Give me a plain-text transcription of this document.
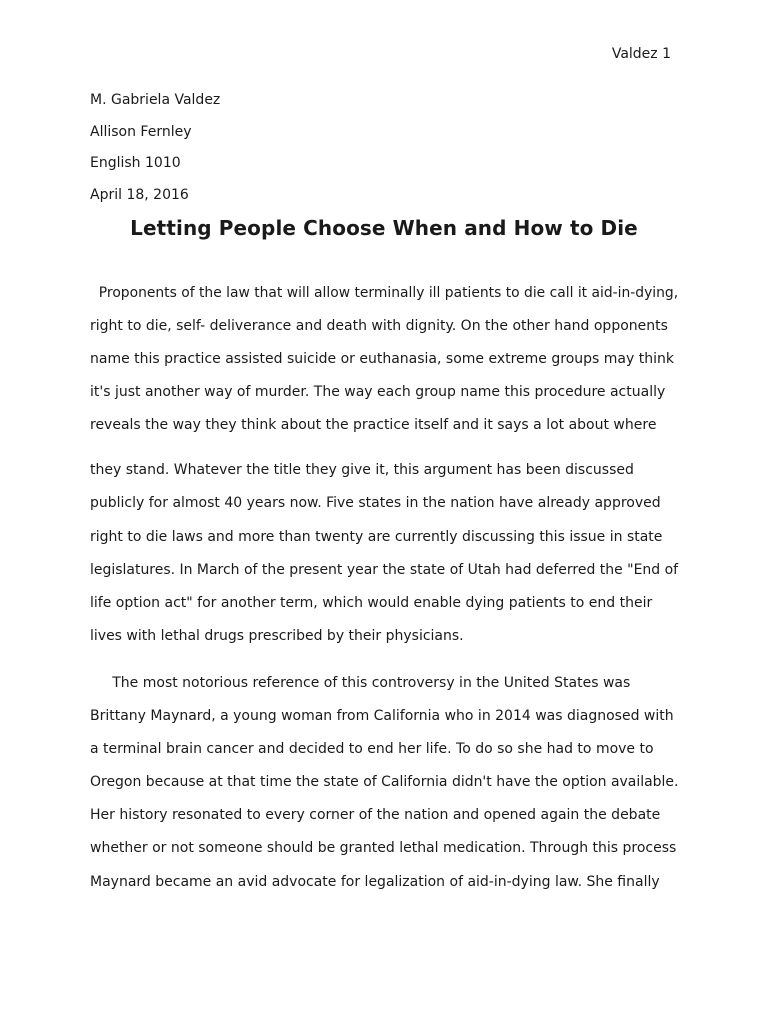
Valdez 1
M. Gabriela Valdez
Allison Fernley
English 1010
April 18, 2016
Letting People Choose When and How to Die
Proponents of the law that will allow terminally ill patients to die call it aid-in-dying,
right to die, self- deliverance and death with dignity. On the other hand opponents
name this practice assisted suicide or euthanasia, some extreme groups may think
it's just another way of murder. The way each group name this procedure actually
reveals the way they think about the practice itself and it says a lot about where
they stand. Whatever the title they give it, this argument has been discussed
publicly for almost 40 years now. Five states in the nation have already approved
right to die laws and more than twenty are currently discussing this issue in state
legislatures. In March of the present year the state of Utah had deferred the "End of
life option act" for another term, which would enable dying patients to end their
lives with lethal drugs prescribed by their physicians.
The most notorious reference of this controversy in the United States was
Brittany Maynard, a young woman from California who in 2014 was diagnosed with
a terminal brain cancer and decided to end her life. To do so she had to move to
Oregon because at that time the state of California didn't have the option available.
Her history resonated to every corner of the nation and opened again the debate
whether or not someone should be granted lethal medication. Through this process
Maynard became an avid advocate for legalization of aid-in-dying law. She finally
